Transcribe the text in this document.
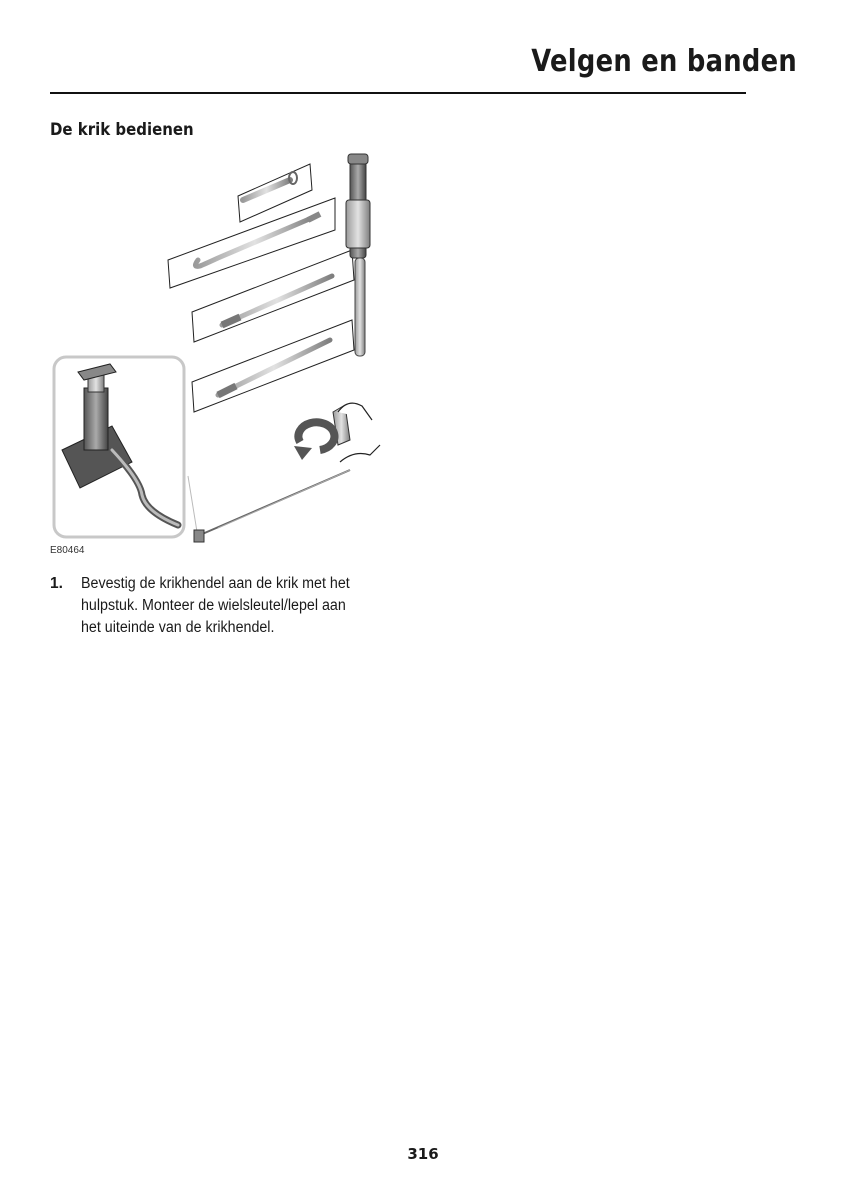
Velgen en banden
De krik bedienen
E80464
1. Bevestig de krikhendel aan de krik met het hulpstuk. Monteer de wielsleutel/lepel aan het uiteinde van de krikhendel.
316
